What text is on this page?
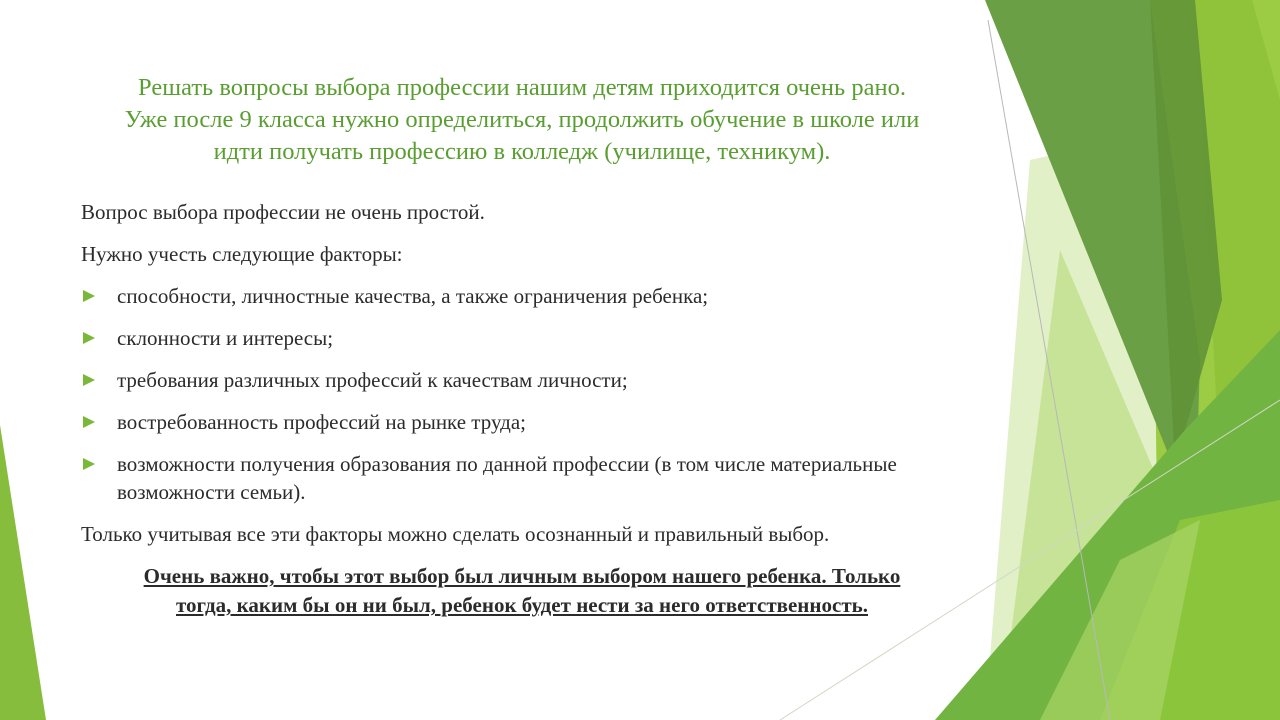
Решать вопросы выбора профессии нашим детям приходится очень рано.
Уже после 9 класса нужно определиться, продолжить обучение в школе или
идти получать профессию в колледж (училище, техникум).

Вопрос выбора профессии не очень простой.

Нужно учесть следующие факторы:

способности, личностные качества, а также ограничения ребенка;
склонности и интересы;
требования различных профессий к качествам личности;
востребованность профессий на рынке труда;
возможности получения образования по данной профессии (в том числе материальные возможности семьи).

Только учитывая все эти факторы можно сделать осознанный и правильный выбор.

Очень важно, чтобы этот выбор был личным выбором нашего ребенка. Только
тогда, каким бы он ни был, ребенок будет нести за него ответственность.
